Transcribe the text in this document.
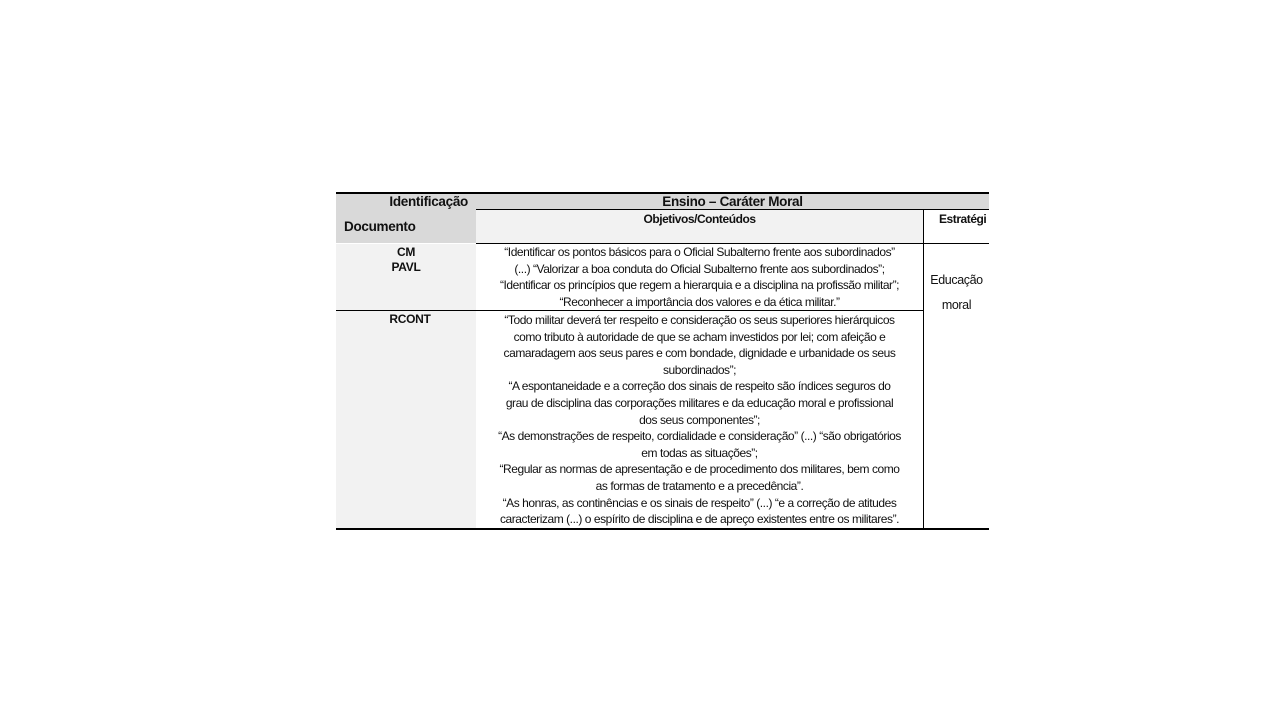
Identificação
Documento
Ensino – Caráter Moral
Objetivos/Conteúdos	Estratégi
CM
PAVL
“Identificar os pontos básicos para o Oficial Subalterno frente aos subordinados”
(...) “Valorizar a boa conduta do Oficial Subalterno frente aos subordinados”;
“Identificar os princípios que regem a hierarquia e a disciplina na profissão militar”;
“Reconhecer a importância dos valores e da ética militar.”
Educação
moral
RCONT	“Todo militar deverá ter respeito e consideração os seus superiores hierárquicos
como tributo à autoridade de que se acham investidos por lei; com afeição e
camaradagem aos seus pares e com bondade, dignidade e urbanidade os seus
subordinados”;
“A espontaneidade e a correção dos sinais de respeito são índices seguros do
grau de disciplina das corporações militares e da educação moral e profissional
dos seus componentes”;
“As demonstrações de respeito, cordialidade e consideração” (...) “são obrigatórios
em todas as situações”;
“Regular as normas de apresentação e de procedimento dos militares, bem como
as formas de tratamento e a precedência”.
“As honras, as continências e os sinais de respeito” (...) “e a correção de atitudes
caracterizam (...) o espírito de disciplina e de apreço existentes entre os militares”.
